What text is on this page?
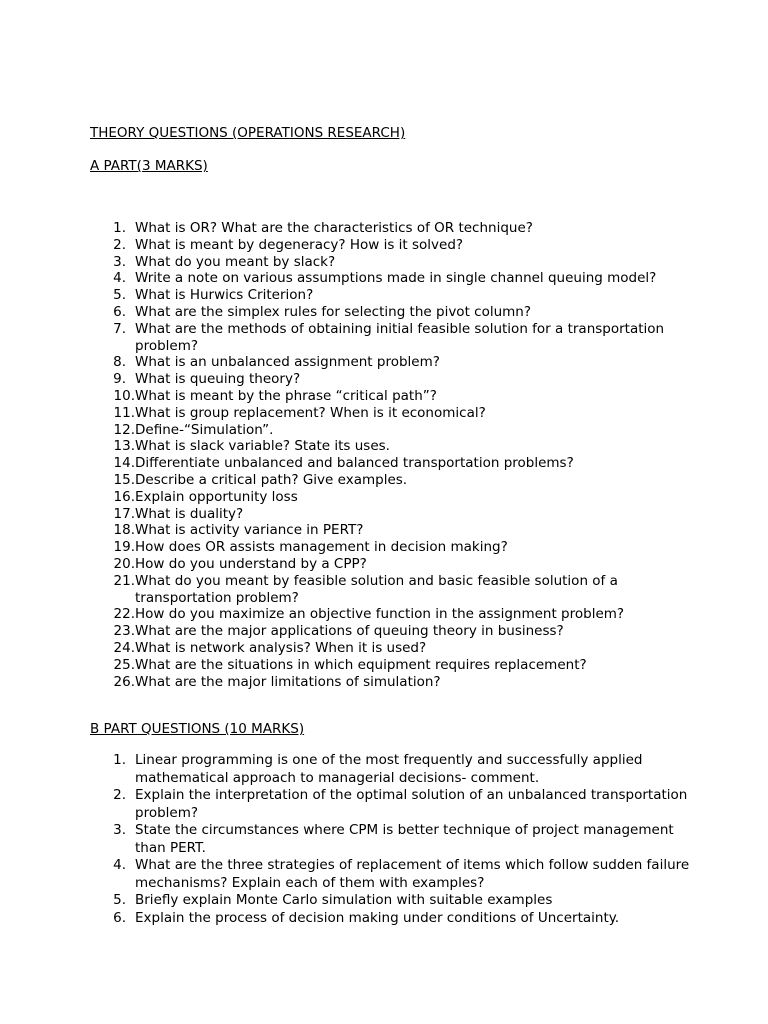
THEORY QUESTIONS (OPERATIONS RESEARCH)
A PART(3 MARKS)
1. What is OR? What are the characteristics of OR technique?
2. What is meant by degeneracy? How is it solved?
3. What do you meant by slack?
4. Write a note on various assumptions made in single channel queuing model?
5. What is Hurwics Criterion?
6. What are the simplex rules for selecting the pivot column?
7. What are the methods of obtaining initial feasible solution for a transportation problem?
8. What is an unbalanced assignment problem?
9. What is queuing theory?
10. What is meant by the phrase “critical path”?
11. What is group replacement? When is it economical?
12. Define-“Simulation”.
13. What is slack variable? State its uses.
14. Differentiate unbalanced and balanced transportation problems?
15. Describe a critical path? Give examples.
16. Explain opportunity loss
17. What is duality?
18. What is activity variance in PERT?
19. How does OR assists management in decision making?
20. How do you understand by a CPP?
21. What do you meant by feasible solution and basic feasible solution of a transportation problem?
22. How do you maximize an objective function in the assignment problem?
23. What are the major applications of queuing theory in business?
24. What is network analysis? When it is used?
25. What are the situations in which equipment requires replacement?
26. What are the major limitations of simulation?
B PART QUESTIONS (10 MARKS)
1. Linear programming is one of the most frequently and successfully applied mathematical approach to managerial decisions- comment.
2. Explain the interpretation of the optimal solution of an unbalanced transportation problem?
3. State the circumstances where CPM is better technique of project management than PERT.
4. What are the three strategies of replacement of items which follow sudden failure mechanisms? Explain each of them with examples?
5. Briefly explain Monte Carlo simulation with suitable examples
6. Explain the process of decision making under conditions of Uncertainty.
